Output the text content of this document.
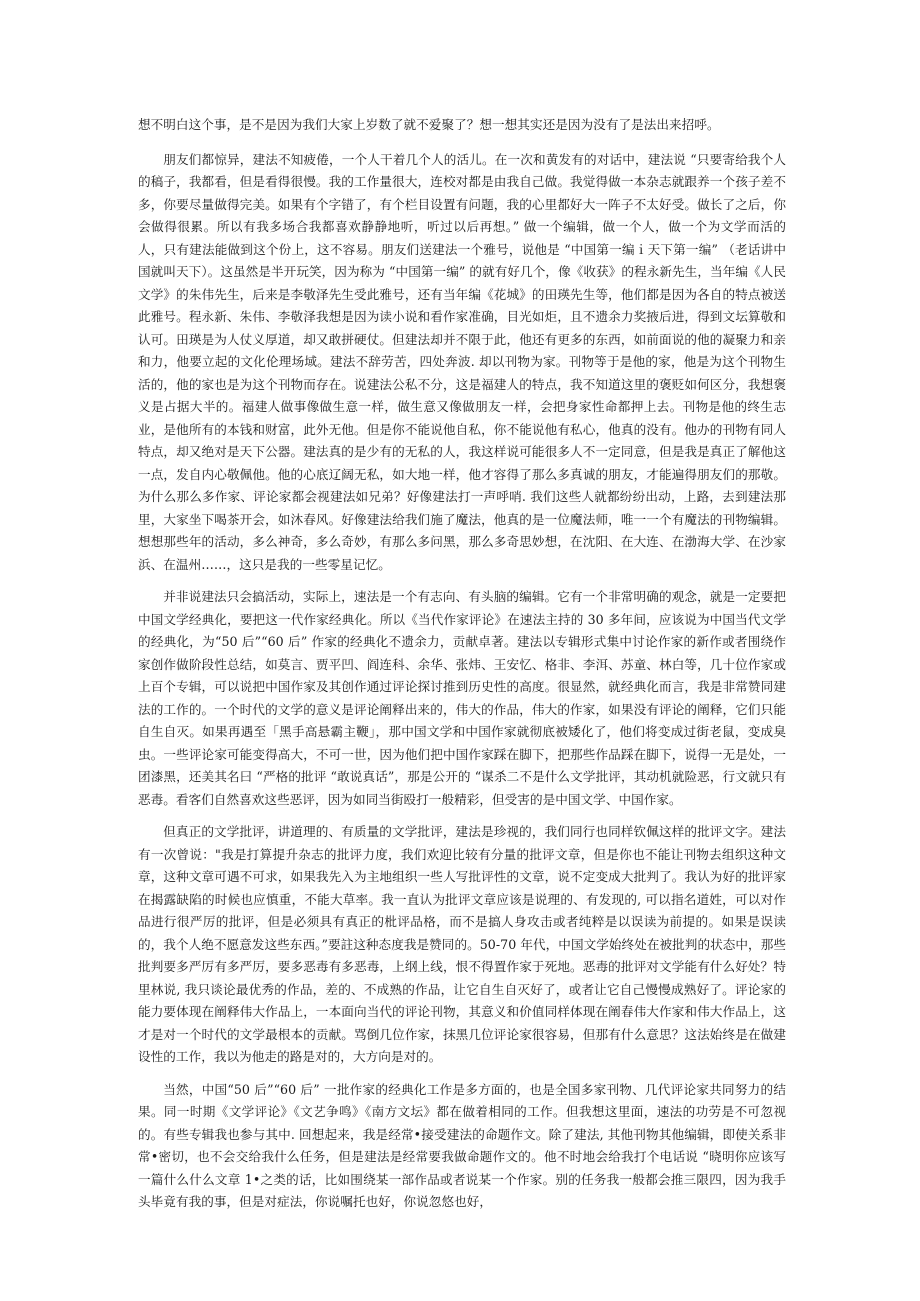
想不明白这个事，是不是因为我们大家上岁数了就不爱聚了？想一想其实还是因为没有了是法出来招呼。

朋友们都惊异，建法不知疲倦，一个人干着几个人的活儿。在一次和黄发有的对话中，建法说 “只要寄给我个人的稿子，我都看，但是看得很慢。我的工作量很大，连校对都是由我自己做。我觉得做一本杂志就跟养一个孩子差不多，你要尽量做得完美。如果有个字错了，有个栏目设置有问题，我的心里都好大一阵子不太好受。做长了之后，你会做得很累。所以有我多场合我都喜欢静静地听，听过以后再想。” 做一个编辑，做一个人，做一个为文学而活的人，只有建法能做到这个份上，这不容易。朋友们送建法一个雅号，说他是 “中国第一编ｉ天下第一编” （老话讲中国就叫天下）。这虽然是半开玩笑，因为称为 “中国第一编” 的就有好几个，像《收获》的程永新先生，当年编《人民文学》的朱伟先生，后来是李敬泽先生受此雅号，还有当年编《花城》的田瑛先生等，他们都是因为各自的特点被送此雅号。程永新、朱伟、李敬泽我想是因为读小说和看作家准确，目光如炬，且不遗余力奖掖后进，得到文坛算敬和认可。田瑛是为人仗义厚道，却又敢拼硬仗。但建法却并不限于此，他还有更多的东西，如前面说的他的凝聚力和亲和力，他要立起的文化伦理场域。建法不辞劳苦，四处奔波. 却以刊物为家。刊物等于是他的家，他是为这个刊物生活的，他的家也是为这个刊物而存在。说建法公私不分，这是福建人的特点，我不知道这里的褒贬如何区分，我想褒义是占据大半的。福建人做事像做生意一样，做生意又像做朋友一样，会把身家性命都押上去。刊物是他的终生志业，是他所有的本钱和财富，此外无他。但是你不能说他自私，你不能说他有私心，他真的没有。他办的刊物有同人特点，却又绝对是天下公器。建法真的是少有的无私的人，我这样说可能很多人不一定同意，但是我是真正了解他这一点，发自内心敬佩他。他的心底辽阔无私，如大地一样，他才容得了那么多真诚的朋友，才能遍得朋友们的那敬。为什么那么多作家、评论家都会视建法如兄弟？好像建法打一声呼哨. 我们这些人就都纷纷出动，上路，去到建法那里，大家坐下喝茶开会，如沐春风。好像建法给我们施了魔法，他真的是一位魔法师，唯一一个有魔法的刊物编辑。想想那些年的活动，多么神奇，多么奇妙，有那么多问黑，那么多奇思妙想，在沈阳、在大连、在渤海大学、在沙家浜、在温州……，这只是我的一些零星记忆。

并非说建法只会搞活动，实际上，速法是一个有志向、有头脑的编辑。它有一个非常明确的观念，就是一定要把中国文学经典化，要把这一代作家经典化。所以《当代作家评论》在速法主持的 30 多年间，应该说为中国当代文学的经典化，为“50 后”“60 后” 作家的经典化不遗余力，贡献卓著。建法以专辑形式集中讨论作家的新作或者围绕作家创作做阶段性总结，如莫言、贾平凹、阎连科、余华、张炜、王安忆、格非、李洱、苏童、林白等，几十位作家或上百个专辑，可以说把中国作家及其创作通过评论探讨推到历史性的高度。很显然，就经典化而言，我是非常赞同建法的工作的。一个时代的文学的意义是评论阐释出来的，伟大的作品，伟大的作家，如果没有评论的阐释，它们只能自生自灭。如果再遇至「黑手高悬霸主鞭」，那中国文学和中国作家就彻底被矮化了，他们将变成过街老鼠，变成臭虫。一些评论家可能变得高大，不可一世，因为他们把中国作家踩在脚下，把那些作品踩在脚下，说得一无是处，一团漆黑，还美其名曰 “严格的批评 “敢说真话”，那是公开的 “谋杀二不是什么文学批评，其动机就险恶，行文就只有恶毒。看客们自然喜欢这些恶评，因为如同当街殴打一般精彩，但受害的是中国文学、中国作家。

但真正的文学批评，讲道理的、有质量的文学批评，建法是珍视的，我们同行也同样钦佩这样的批评文字。建法有一次曾说："我是打算提升杂志的批评力度，我们欢迎比较有分量的批评文章，但是你也不能让刊物去组织这种文章，这种文章可遇不可求，如果我先入为主地组织一些人写批评性的文章，说不定变成大批判了。我认为好的批评家在揭露缺陷的时候也应慎重，不能大草率。我一直认为批评文章应该是说理的、有发现的, 可以指名道姓，可以对作品进行很严厉的批评，但是必须具有真正的枇评品格，而不是搞人身攻击或者纯粹是以误读为前提的。如果是误读的，我个人绝不愿意发这些东西。”要註这种态度我是赞同的。50-70 年代，中国文学始终处在被批判的状态中，那些批判要多严厉有多严厉，要多恶毒有多恶毒，上纲上线，恨不得置作家于死地。恶毒的批评对文学能有什么好处？特里林说, 我只谈论最优秀的作品，差的、不成熟的作品，让它自生自灭好了，或者让它自己慢慢成熟好了。评论家的能力要体现在阐释伟大作品上，一本面向当代的评论刊物，其意义和价值同样体现在阐春伟大作家和伟大作品上，这才是对一个时代的文学最根本的贡献。骂倒几位作家，抹黑几位评论家很容易，但那有什么意思？这法始终是在做建设性的工作，我以为他走的路是对的，大方向是对的。

当然，中国“50 后”“60 后” 一批作家的经典化工作是多方面的，也是全国多家刊物、几代评论家共同努力的结果。同一时期《文学评论》《文艺争鸣》《南方文坛》都在做着相同的工作。但我想这里面，速法的功劳是不可忽视的。有些专辑我也参与其中. 回想起来，我是经常•接受建法的命题作文。除了建法, 其他刊物其他编辑，即使关系非常•密切，也不会交给我什么任务，但是建法是经常要我做命题作文的。他不时地会给我打个电话说 “晓明你应该写一篇什么什么文章 1•之类的话，比如围绕某一部作品或者说某一个作家。别的任务我一般都会推三限四，因为我手头毕竟有我的事，但是对症法，你说嘱托也好，你说忽悠也好，
